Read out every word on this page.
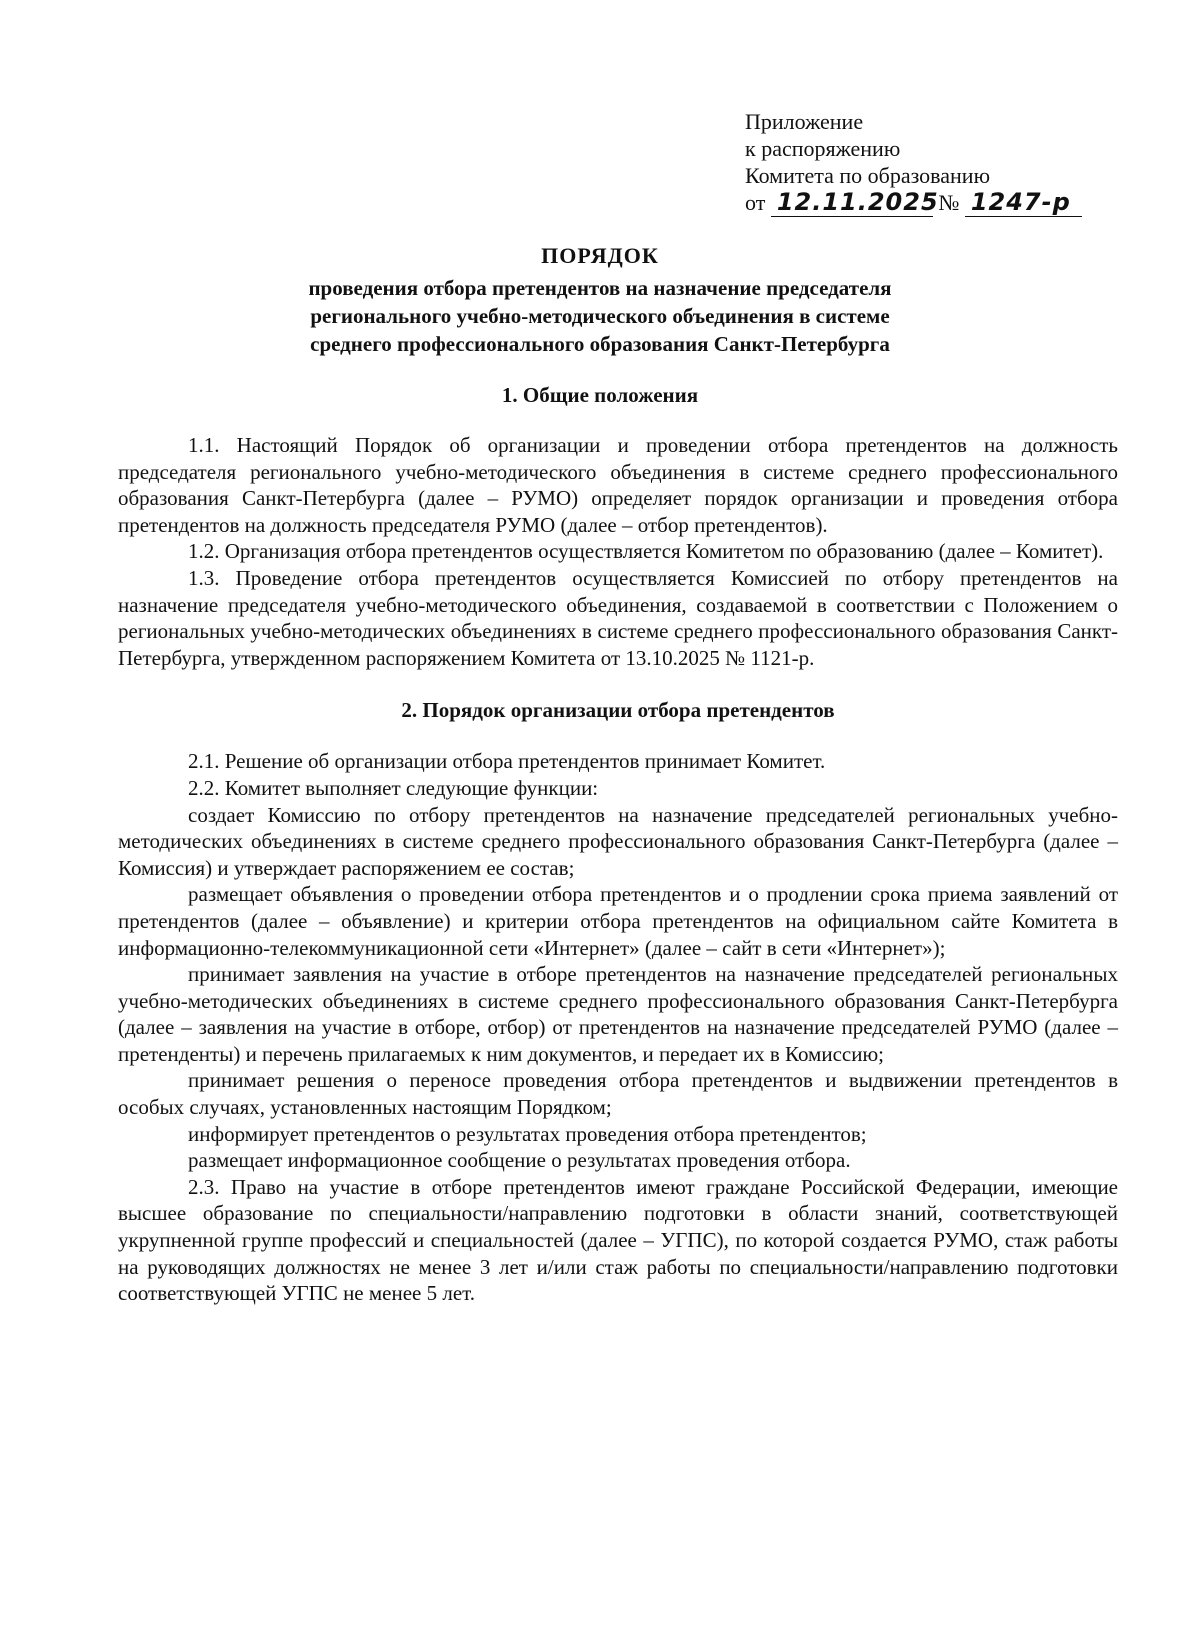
Приложение
к распоряжению
Комитета по образованию
от 12.11.2025 № 1247-р
ПОРЯДОК
проведения отбора претендентов на назначение председателя
регионального учебно-методического объединения в системе
среднего профессионального образования Санкт-Петербурга
1. Общие положения

1.1. Настоящий Порядок об организации и проведении отбора претендентов на должность председателя регионального учебно-методического объединения в системе среднего профессионального образования Санкт-Петербурга (далее – РУМО) определяет порядок организации и проведения отбора претендентов на должность председателя РУМО (далее – отбор претендентов).

1.2. Организация отбора претендентов осуществляется Комитетом по образованию (далее – Комитет).

1.3. Проведение отбора претендентов осуществляется Комиссией по отбору претендентов на назначение председателя учебно-методического объединения, создаваемой в соответствии с Положением о региональных учебно-методических объединениях в системе среднего профессионального образования Санкт-Петербурга, утвержденном распоряжением Комитета от 13.10.2025 № 1121-р.

2. Порядок организации отбора претендентов

2.1. Решение об организации отбора претендентов принимает Комитет.

2.2. Комитет выполняет следующие функции:

создает Комиссию по отбору претендентов на назначение председателей региональных учебно-методических объединениях в системе среднего профессионального образования Санкт-Петербурга (далее – Комиссия) и утверждает распоряжением ее состав;

размещает объявления о проведении отбора претендентов и о продлении срока приема заявлений от претендентов (далее – объявление) и критерии отбора претендентов на официальном сайте Комитета в информационно-телекоммуникационной сети «Интернет» (далее – сайт в сети «Интернет»);

принимает заявления на участие в отборе претендентов на назначение председателей региональных учебно-методических объединениях в системе среднего профессионального образования Санкт-Петербурга (далее – заявления на участие в отборе, отбор) от претендентов на назначение председателей РУМО (далее – претенденты) и перечень прилагаемых к ним документов, и передает их в Комиссию;

принимает решения о переносе проведения отбора претендентов и выдвижении претендентов в особых случаях, установленных настоящим Порядком;

информирует претендентов о результатах проведения отбора претендентов;

размещает информационное сообщение о результатах проведения отбора.

2.3. Право на участие в отборе претендентов имеют граждане Российской Федерации, имеющие высшее образование по специальности/направлению подготовки в области знаний, соответствующей укрупненной группе профессий и специальностей (далее – УГПС), по которой создается РУМО, стаж работы на руководящих должностях не менее 3 лет и/или стаж работы по специальности/направлению подготовки соответствующей УГПС не менее 5 лет.
